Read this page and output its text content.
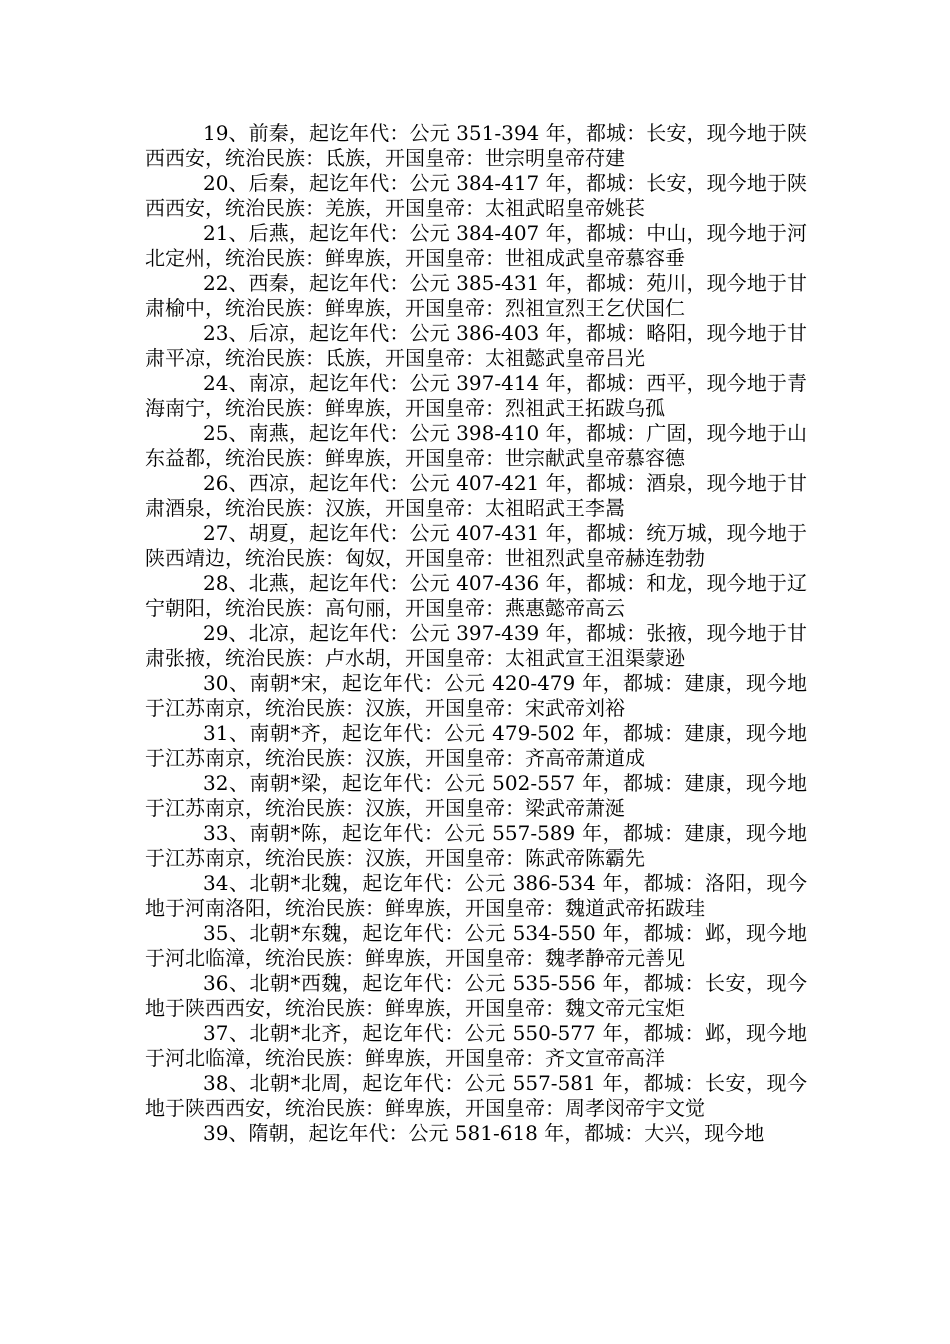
19、前秦，起讫年代：公元 351-394 年，都城：长安，现今地于陕西西安，统治民族：氐族，开国皇帝：世宗明皇帝苻建

20、后秦，起讫年代：公元 384-417 年，都城：长安，现今地于陕西西安，统治民族：羌族，开国皇帝：太祖武昭皇帝姚苌

21、后燕，起讫年代：公元 384-407 年，都城：中山，现今地于河北定州，统治民族：鲜卑族，开国皇帝：世祖成武皇帝慕容垂

22、西秦，起讫年代：公元 385-431 年，都城：苑川，现今地于甘肃榆中，统治民族：鲜卑族，开国皇帝：烈祖宣烈王乞伏国仁

23、后凉，起讫年代：公元 386-403 年，都城：略阳，现今地于甘肃平凉，统治民族：氐族，开国皇帝：太祖懿武皇帝吕光

24、南凉，起讫年代：公元 397-414 年，都城：西平，现今地于青海南宁，统治民族：鲜卑族，开国皇帝：烈祖武王拓跋乌孤

25、南燕，起讫年代：公元 398-410 年，都城：广固，现今地于山东益都，统治民族：鲜卑族，开国皇帝：世宗献武皇帝慕容德

26、西凉，起讫年代：公元 407-421 年，都城：酒泉，现今地于甘肃酒泉，统治民族：汉族，开国皇帝：太祖昭武王李暠

27、胡夏，起讫年代：公元 407-431 年，都城：统万城，现今地于陕西靖边，统治民族：匈奴，开国皇帝：世祖烈武皇帝赫连勃勃

28、北燕，起讫年代：公元 407-436 年，都城：和龙，现今地于辽宁朝阳，统治民族：高句丽，开国皇帝：燕惠懿帝高云

29、北凉，起讫年代：公元 397-439 年，都城：张掖，现今地于甘肃张掖，统治民族：卢水胡，开国皇帝：太祖武宣王沮渠蒙逊

30、南朝*宋，起讫年代：公元 420-479 年，都城：建康，现今地于江苏南京，统治民族：汉族，开国皇帝：宋武帝刘裕

31、南朝*齐，起讫年代：公元 479-502 年，都城：建康，现今地于江苏南京，统治民族：汉族，开国皇帝：齐高帝萧道成

32、南朝*梁，起讫年代：公元 502-557 年，都城：建康，现今地于江苏南京，统治民族：汉族，开国皇帝：梁武帝萧涎

33、南朝*陈，起讫年代：公元 557-589 年，都城：建康，现今地于江苏南京，统治民族：汉族，开国皇帝：陈武帝陈霸先

34、北朝*北魏，起讫年代：公元 386-534 年，都城：洛阳，现今地于河南洛阳，统治民族：鲜卑族，开国皇帝：魏道武帝拓跋珪

35、北朝*东魏，起讫年代：公元 534-550 年，都城：邺，现今地于河北临漳，统治民族：鲜卑族，开国皇帝：魏孝静帝元善见

36、北朝*西魏，起讫年代：公元 535-556 年，都城：长安，现今地于陕西西安，统治民族：鲜卑族，开国皇帝：魏文帝元宝炬

37、北朝*北齐，起讫年代：公元 550-577 年，都城：邺，现今地于河北临漳，统治民族：鲜卑族，开国皇帝：齐文宣帝高洋

38、北朝*北周，起讫年代：公元 557-581 年，都城：长安，现今地于陕西西安，统治民族：鲜卑族，开国皇帝：周孝闵帝宇文觉

39、隋朝，起讫年代：公元 581-618 年，都城：大兴，现今地
